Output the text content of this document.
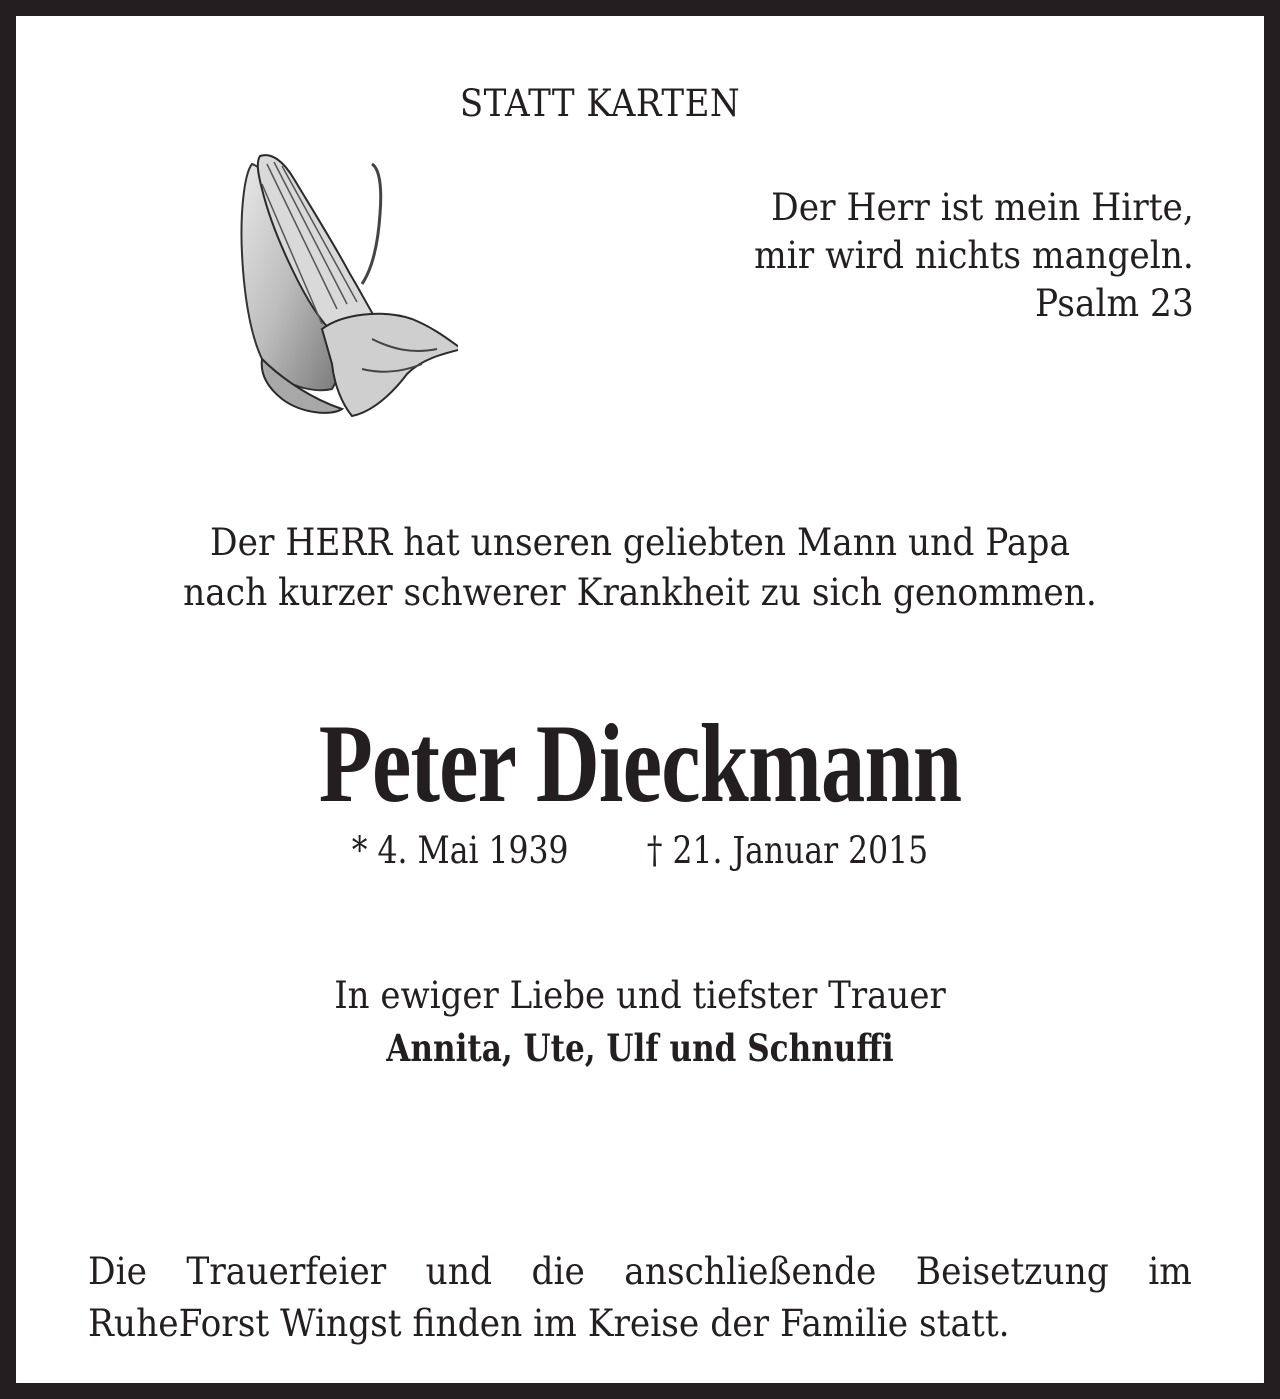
STATT KARTEN
Der Herr ist mein Hirte,
mir wird nichts mangeln.
Psalm 23
Der HERR hat unseren geliebten Mann und Papa
nach kurzer schwerer Krankheit zu sich genommen.
Peter Dieckmann
* 4. Mai 1939 † 21. Januar 2015
In ewiger Liebe und tiefster Trauer
Annita, Ute, Ulf und Schnuffi
Die Trauerfeier und die anschließende Beisetzung im
RuheForst Wingst finden im Kreise der Familie statt.
